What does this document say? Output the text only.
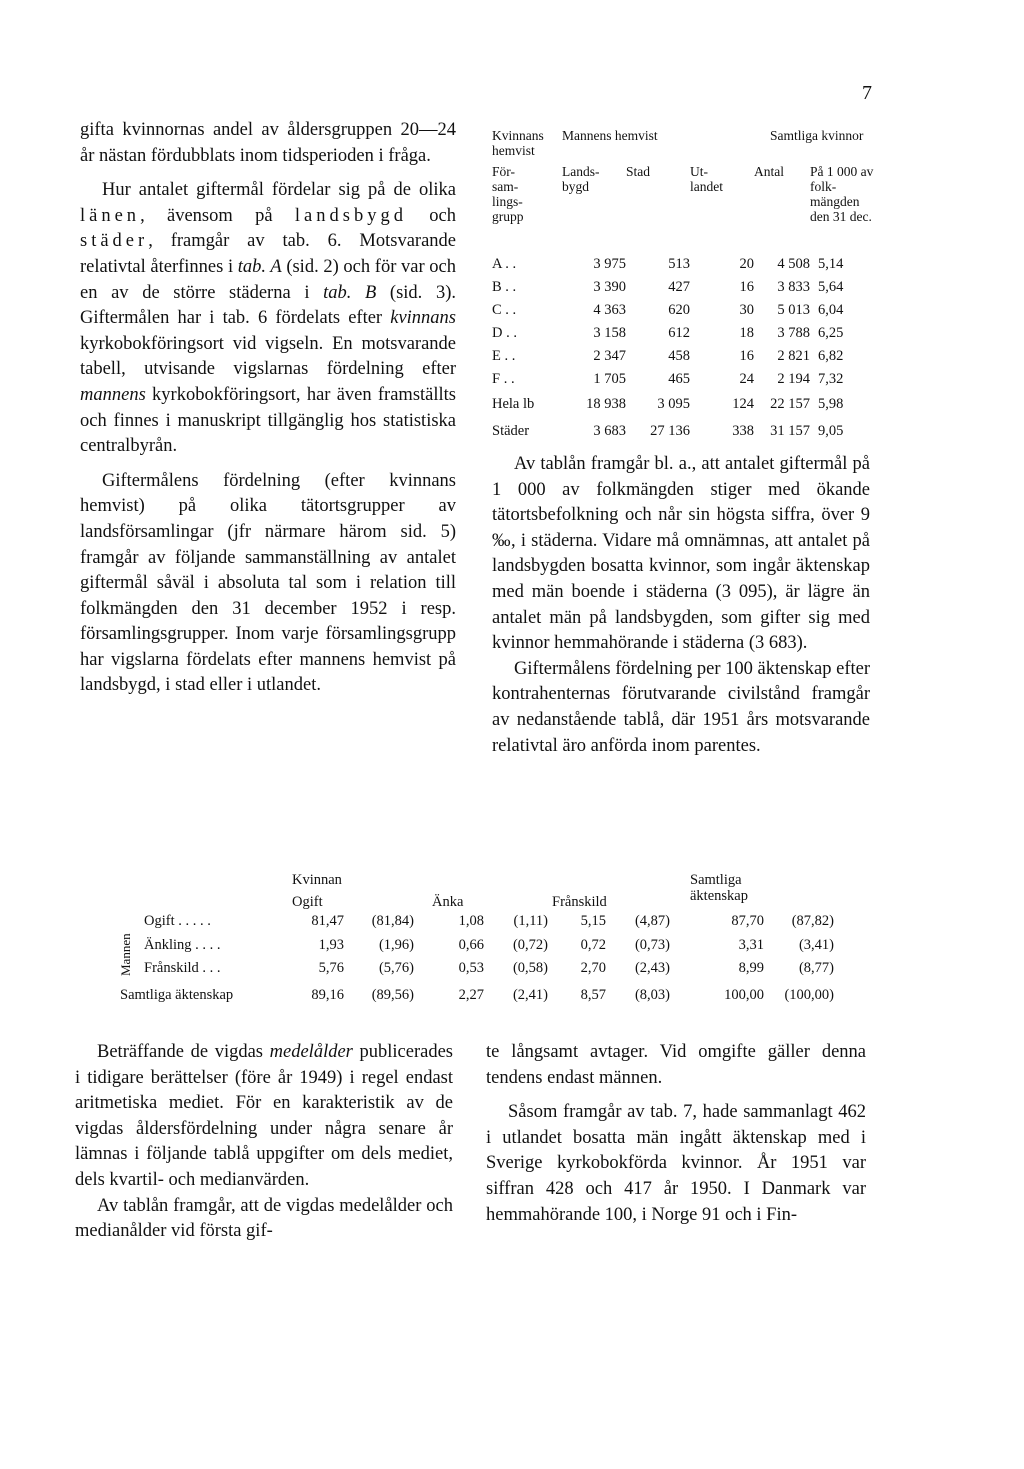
7

gifta kvinnornas andel av åldersgruppen 20—24 år nästan fördubblats inom tidsperioden i fråga.

Hur antalet giftermål fördelar sig på de olika länen, ävensom på landsbygd och städer, framgår av tab. 6. Motsvarande relativtal återfinnes i tab. A (sid. 2) och för var och en av de större städerna i tab. B (sid. 3). Giftermålen har i tab. 6 fördelats efter kvinnans kyrkobokföringsort vid vigseln. En motsvarande tabell, utvisande vigslarnas fördelning efter mannens kyrkobokföringsort, har även framställts och finnes i manuskript tillgänglig hos statistiska centralbyrån.

Giftermålens fördelning (efter kvinnans hemvist) på olika tätortsgrupper av landsförsamlingar (jfr närmare härom sid. 5) framgår av följande sammanställning av antalet giftermål såväl i absoluta tal som i relation till folkmängden den 31 december 1952 i resp. församlingsgrupper. Inom varje församlingsgrupp har vigslarna fördelats efter mannens hemvist på landsbygd, i stad eller i utlandet.

Kvinnans hemvist
Mannens hemvist	Samtliga kvinnor
För-sam-lings-grupp
Lands-bygd
Stad	Ut-landet
Antal På 1 000 av folk-mängden den 31 dec.
A . .	3 975	513	20	4 508	5,14
B . .	3 390	427	16	3 833	5,64
C . .	4 363	620	30	5 013	6,04
D . .	3 158	612	18	3 788	6,25
E . .	2 347	458	16	2 821	6,82
F . .	1 705	465	24	2 194	7,32
Hela lb	18 938	3 095	124	22 157	5,98
Städer	3 683	27 136	338	31 157	9,05

Av tablån framgår bl. a., att antalet giftermål på 1 000 av folkmängden stiger med ökande tätortsbefolkning och når sin högsta siffra, över 9 ‰, i städerna. Vidare må omnämnas, att antalet på landsbygden bosatta kvinnor, som ingår äktenskap med män boende i städerna (3 095), är lägre än antalet män på landsbygden, som gifter sig med kvinnor hemmahörande i städerna (3 683).

Giftermålens fördelning per 100 äktenskap efter kontrahenternas förutvarande civilstånd framgår av nedanstående tablå, där 1951 års motsvarande relativtal äro anförda inom parentes.

Kvinnan
Ogift	Änka	Frånskild
Samtliga äktenskap
Mannen
Ogift . . . . .	81,47	(81,84)	1,08	(1,11)	5,15	(4,87)	87,70	(87,82)
Änkling . . . .	1,93	(1,96)	0,66	(0,72)	0,72	(0,73)	3,31	(3,41)
Frånskild . . .	5,76	(5,76)	0,53	(0,58)	2,70	(2,43)	8,99	(8,77)
Samtliga äktenskap	89,16	(89,56)	2,27	(2,41)	8,57	(8,03)	100,00	(100,00)

Beträffande de vigdas medelålder publicerades i tidigare berättelser (före år 1949) i regel endast aritmetiska mediet. För en karakteristik av de vigdas åldersfördelning under några senare år lämnas i följande tablå uppgifter om dels mediet, dels kvartil- och medianvärden.

Av tablån framgår, att de vigdas medelålder och medianålder vid första gif-

te långsamt avtager. Vid omgifte gäller denna tendens endast männen.

Såsom framgår av tab. 7, hade sammanlagt 462 i utlandet bosatta män ingått äktenskap med i Sverige kyrkobokförda kvinnor. År 1951 var siffran 428 och 417 år 1950. I Danmark var hemmahörande 100, i Norge 91 och i Fin-
